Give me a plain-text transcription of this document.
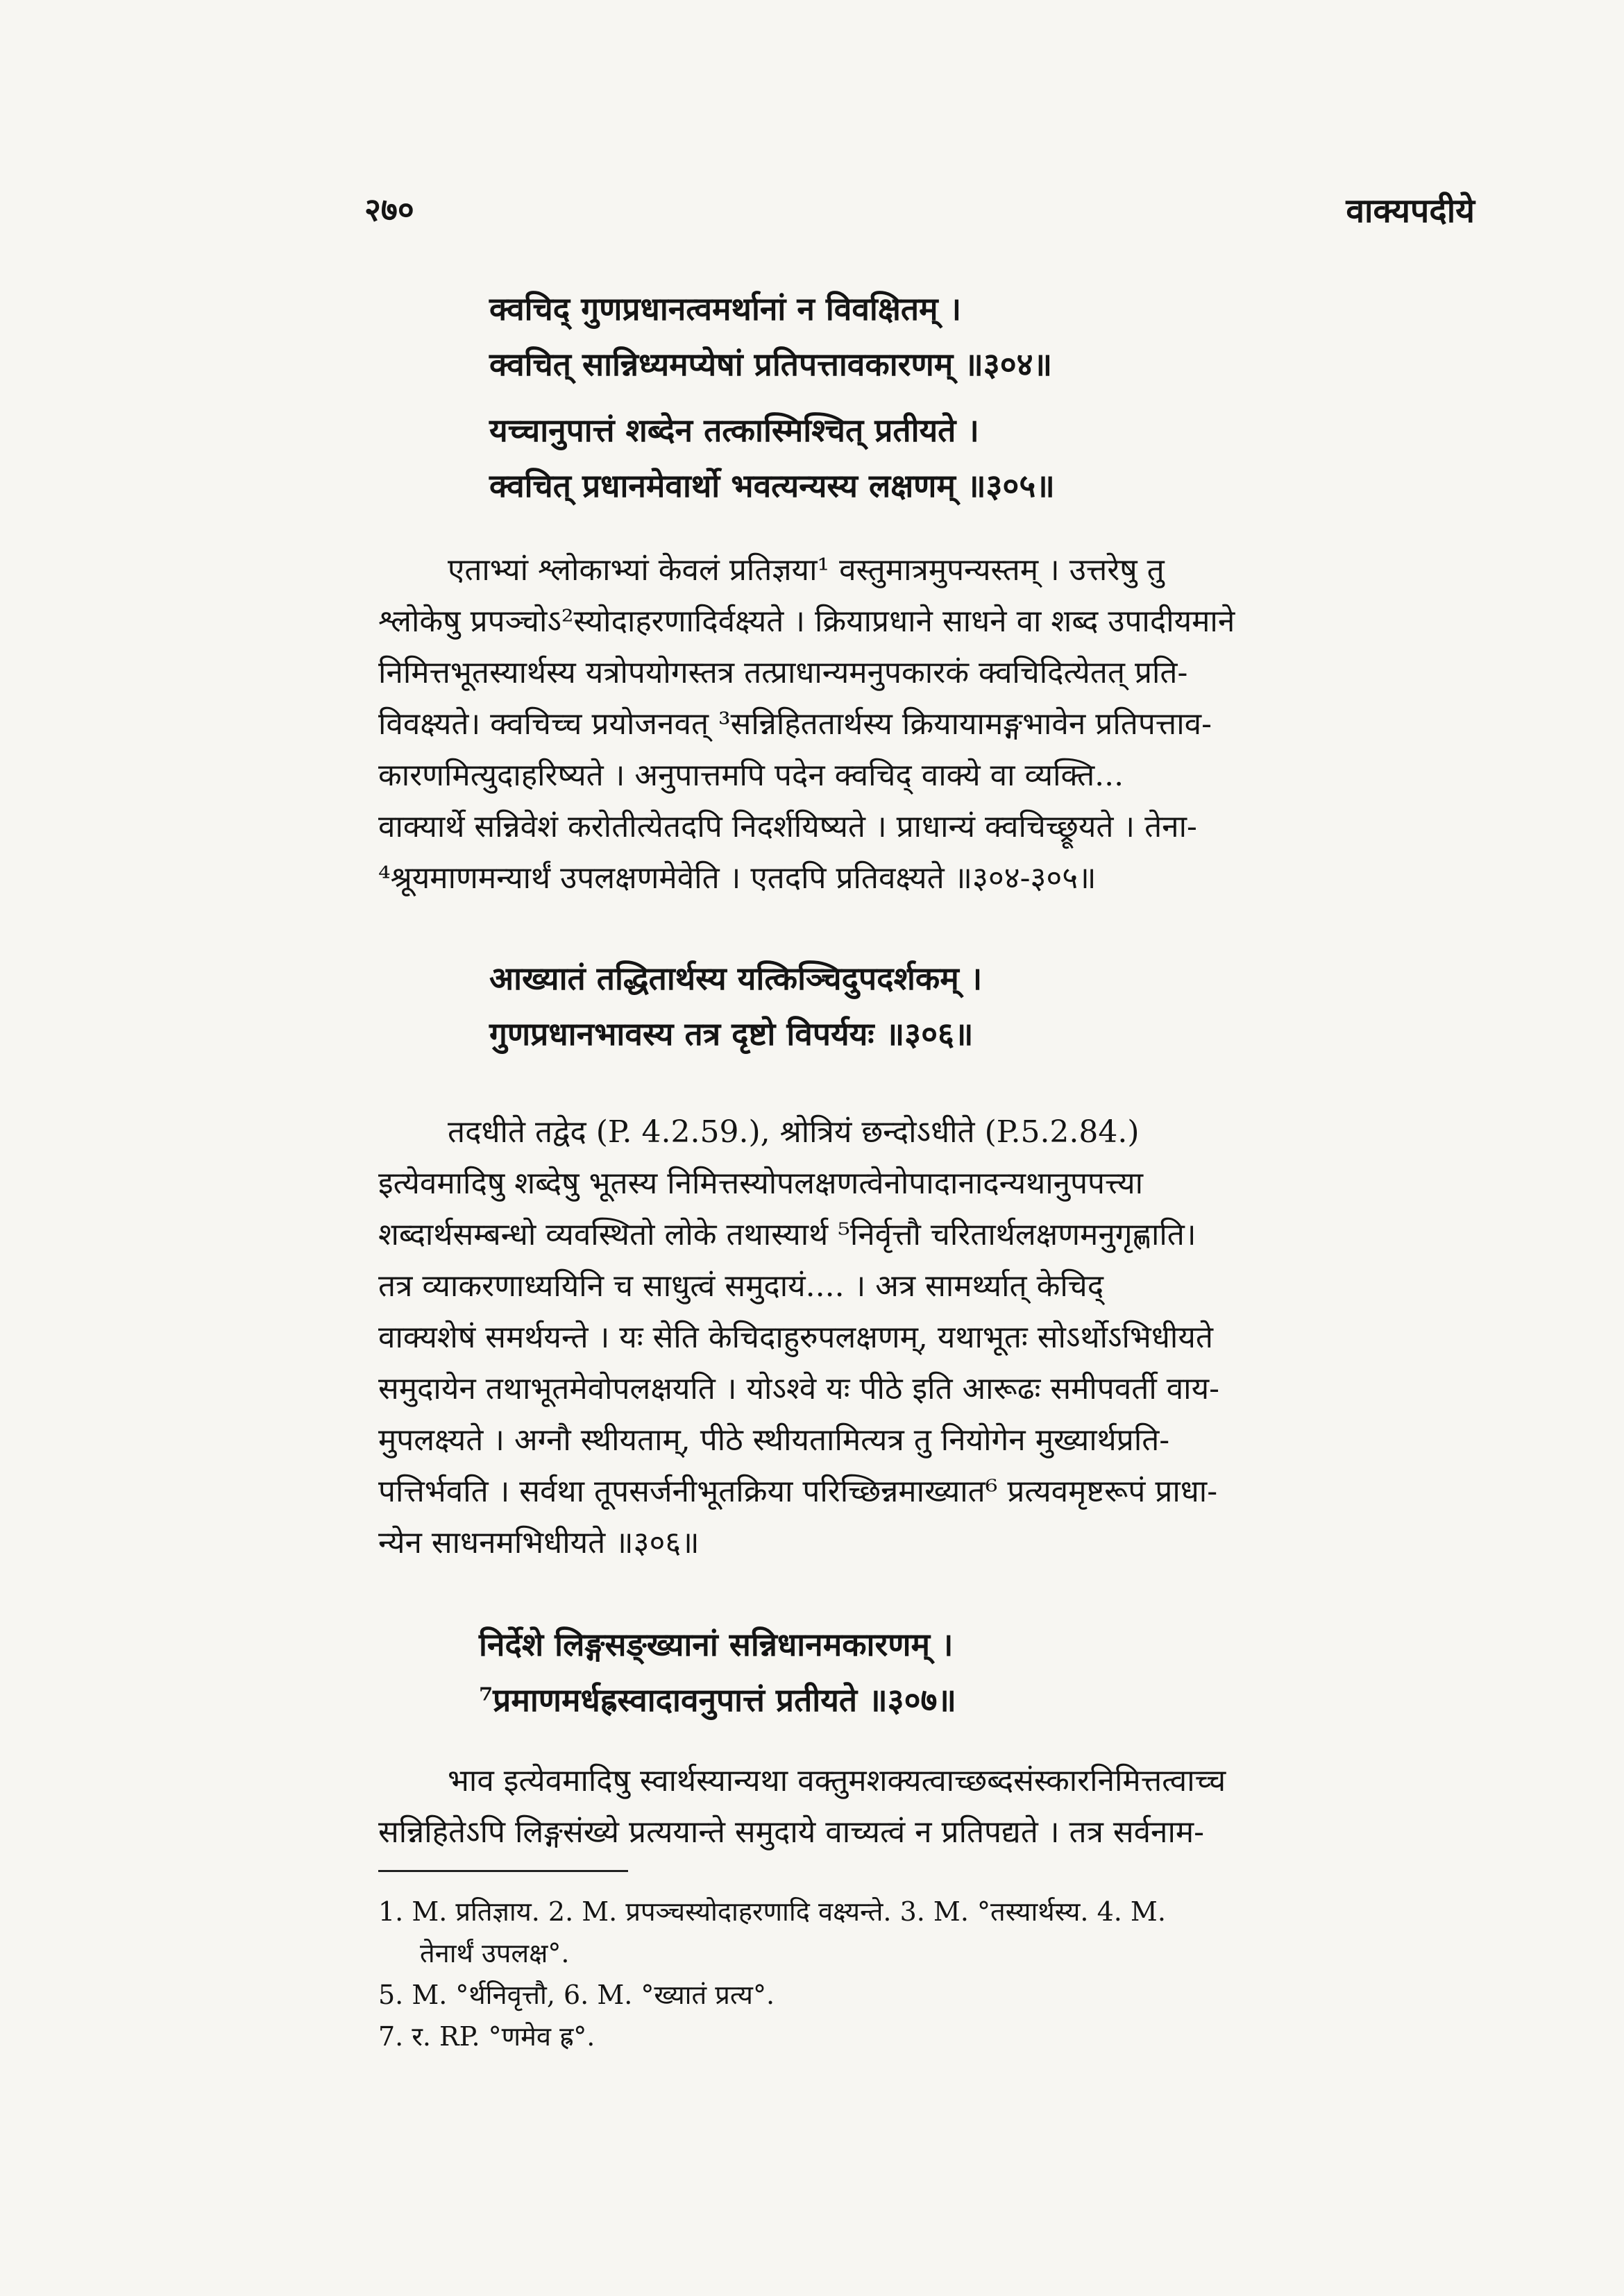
२७०	वाक्यपदीये
क्वचिद् गुणप्रधानत्वमर्थानां न विवक्षितम् ।
क्वचित् सान्निध्यमप्येषां प्रतिपत्तावकारणम् ॥३०४॥
यच्चानुपात्तं शब्देन तत्कास्मिश्चित् प्रतीयते ।
क्वचित् प्रधानमेवार्थो भवत्यन्यस्य लक्षणम् ॥३०५॥
एताभ्यां श्लोकाभ्यां केवलं प्रतिज्ञया¹ वस्तुमात्रमुपन्यस्तम् । उत्तरेषु तु
श्लोकेषु प्रपञ्चोऽ²स्योदाहरणादिर्वक्ष्यते । क्रियाप्रधाने साधने वा शब्द उपादीयमाने
निमित्तभूतस्यार्थस्य यत्रोपयोगस्तत्र तत्प्राधान्यमनुपकारकं क्वचिदित्येतत् प्रति-
विवक्ष्यते। क्वचिच्च प्रयोजनवत् ³सन्निहिततार्थस्य क्रियायामङ्गभावेन प्रतिपत्ताव-
कारणमित्युदाहरिष्यते । अनुपात्तमपि पदेन क्वचिद् वाक्ये वा व्यक्ति...
वाक्यार्थे सन्निवेशं करोतीत्येतदपि निदर्शयिष्यते । प्राधान्यं क्वचिच्छ्रूयते । तेना-
⁴श्रूयमाणमन्यार्थं उपलक्षणमेवेति । एतदपि प्रतिवक्ष्यते ॥३०४-३०५॥
आख्यातं तद्धितार्थस्य यत्किञ्चिदुपदर्शकम् ।
गुणप्रधानभावस्य तत्र दृष्टो विपर्ययः ॥३०६॥
तदधीते तद्वेद (P. 4.2.59.), श्रोत्रियं छन्दोऽधीते (P.5.2.84.)
इत्येवमादिषु शब्देषु भूतस्य निमित्तस्योपलक्षणत्वेनोपादानादन्यथानुपपत्त्या
शब्दार्थसम्बन्धो व्यवस्थितो लोके तथास्यार्थ ⁵निर्वृत्तौ चरितार्थलक्षणमनुगृह्णाति।
तत्र व्याकरणाध्ययिनि च साधुत्वं समुदायं.... । अत्र सामर्थ्यात् केचिद्
वाक्यशेषं समर्थयन्ते । यः सेति केचिदाहुरुपलक्षणम्, यथाभूतः सोऽर्थोऽभिधीयते
समुदायेन तथाभूतमेवोपलक्षयति । योऽश्वे यः पीठे इति आरूढः समीपवर्ती वाय-
मुपलक्ष्यते । अग्नौ स्थीयताम्, पीठे स्थीयतामित्यत्र तु नियोगेन मुख्यार्थप्रति-
पत्तिर्भवति । सर्वथा तूपसर्जनीभूतक्रिया परिच्छिन्नमाख्यात⁶ प्रत्यवमृष्टरूपं प्राधा-
न्येन साधनमभिधीयते ॥३०६॥
निर्देशे लिङ्गसङ्ख्यानां सन्निधानमकारणम् ।
⁷प्रमाणमर्धह्रस्वादावनुपात्तं प्रतीयते ॥३०७॥
भाव इत्येवमादिषु स्वार्थस्यान्यथा वक्तुमशक्यत्वाच्छब्दसंस्कारनिमित्तत्वाच्च
सन्निहितेऽपि लिङ्गसंख्ये प्रत्ययान्ते समुदाये वाच्यत्वं न प्रतिपद्यते । तत्र सर्वनाम-
1. M. प्रतिज्ञाय. 2. M. प्रपञ्चस्योदाहरणादि वक्ष्यन्ते. 3. M. °तस्यार्थस्य. 4. M.
तेनार्थं उपलक्ष°.
5. M. °र्थनिवृत्तौ, 6. M. °ख्यातं प्रत्य°.
7. र. RP. °णमेव ह्र°.
